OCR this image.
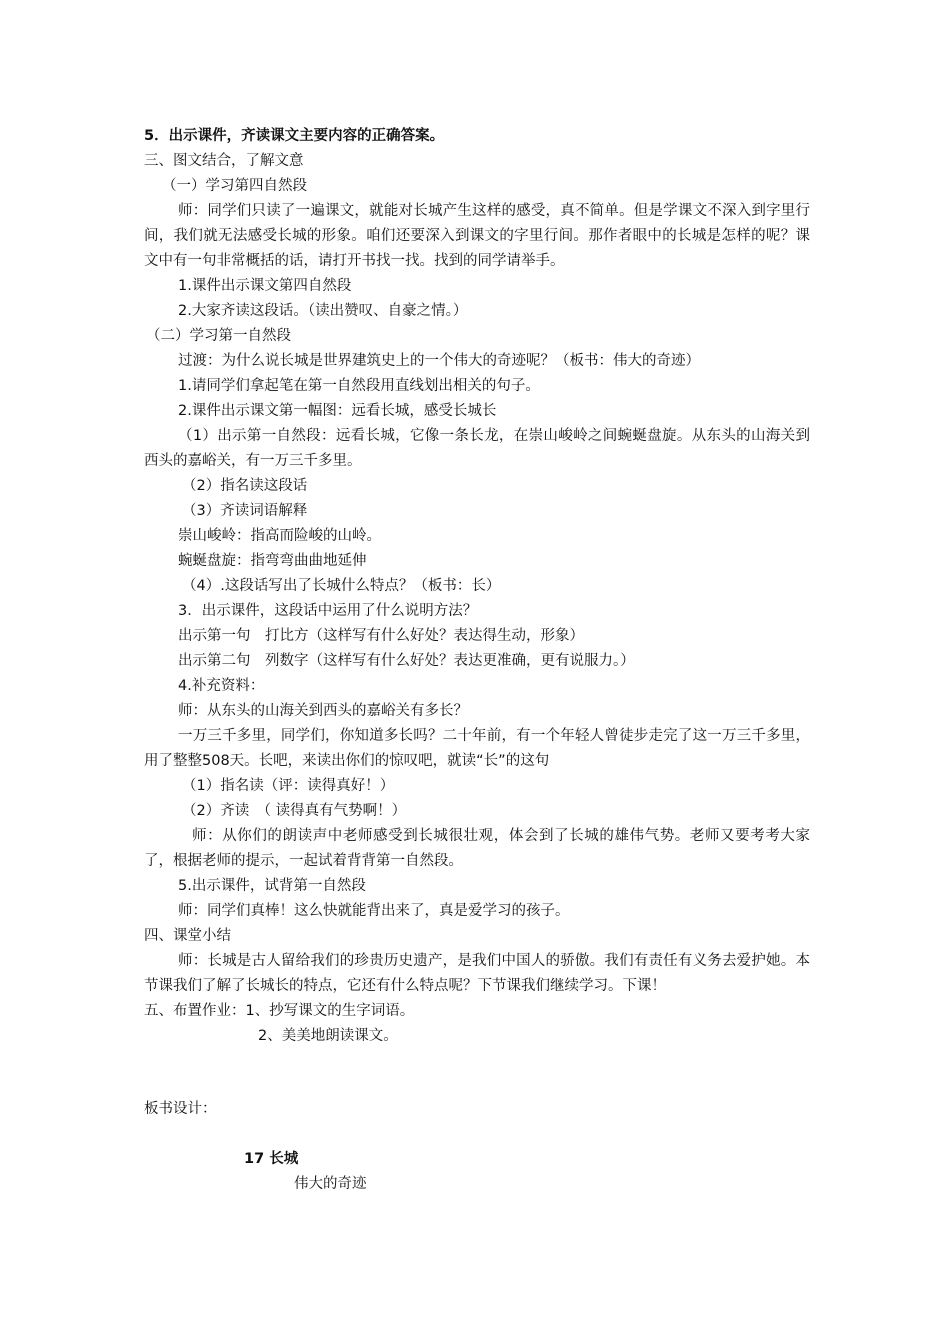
5．出示课件，齐读课文主要内容的正确答案。
三、图文结合，了解文意
（一）学习第四自然段
师：同学们只读了一遍课文，就能对长城产生这样的感受，真不简单。但是学课文不深入到字里行间，我们就无法感受长城的形象。咱们还要深入到课文的字里行间。那作者眼中的长城是怎样的呢？课文中有一句非常概括的话，请打开书找一找。找到的同学请举手。
1.课件出示课文第四自然段
2.大家齐读这段话。（读出赞叹、自豪之情。）
（二）学习第一自然段
过渡：为什么说长城是世界建筑史上的一个伟大的奇迹呢？（板书：伟大的奇迹）
1.请同学们拿起笔在第一自然段用直线划出相关的句子。
2.课件出示课文第一幅图：远看长城，感受长城长
（1）出示第一自然段：远看长城，它像一条长龙，在崇山峻岭之间蜿蜒盘旋。从东头的山海关到西头的嘉峪关，有一万三千多里。
（2）指名读这段话
（3）齐读词语解释
崇山峻岭：指高而险峻的山岭。
蜿蜒盘旋：指弯弯曲曲地延伸
（4）.这段话写出了长城什么特点？（板书：长）
3．出示课件，这段话中运用了什么说明方法？
出示第一句　打比方（这样写有什么好处？表达得生动，形象）
出示第二句　列数字（这样写有什么好处？表达更准确，更有说服力。）
4.补充资料：
师：从东头的山海关到西头的嘉峪关有多长？
一万三千多里，同学们，你知道多长吗？二十年前，有一个年轻人曾徒步走完了这一万三千多里，用了整整508天。长吧，来读出你们的惊叹吧，就读“长”的这句
（1）指名读（评：读得真好！）
（2）齐读　（ 读得真有气势啊！）
师：从你们的朗读声中老师感受到长城很壮观，体会到了长城的雄伟气势。老师又要考考大家了，根据老师的提示，一起试着背背第一自然段。
5.出示课件，试背第一自然段
师：同学们真棒！这么快就能背出来了，真是爱学习的孩子。
四、课堂小结
师：长城是古人留给我们的珍贵历史遗产，是我们中国人的骄傲。我们有责任有义务去爱护她。本节课我们了解了长城长的特点，它还有什么特点呢？下节课我们继续学习。下课！
五、布置作业：1、抄写课文的生字词语。
2、美美地朗读课文。
板书设计：
17 长城
伟大的奇迹
